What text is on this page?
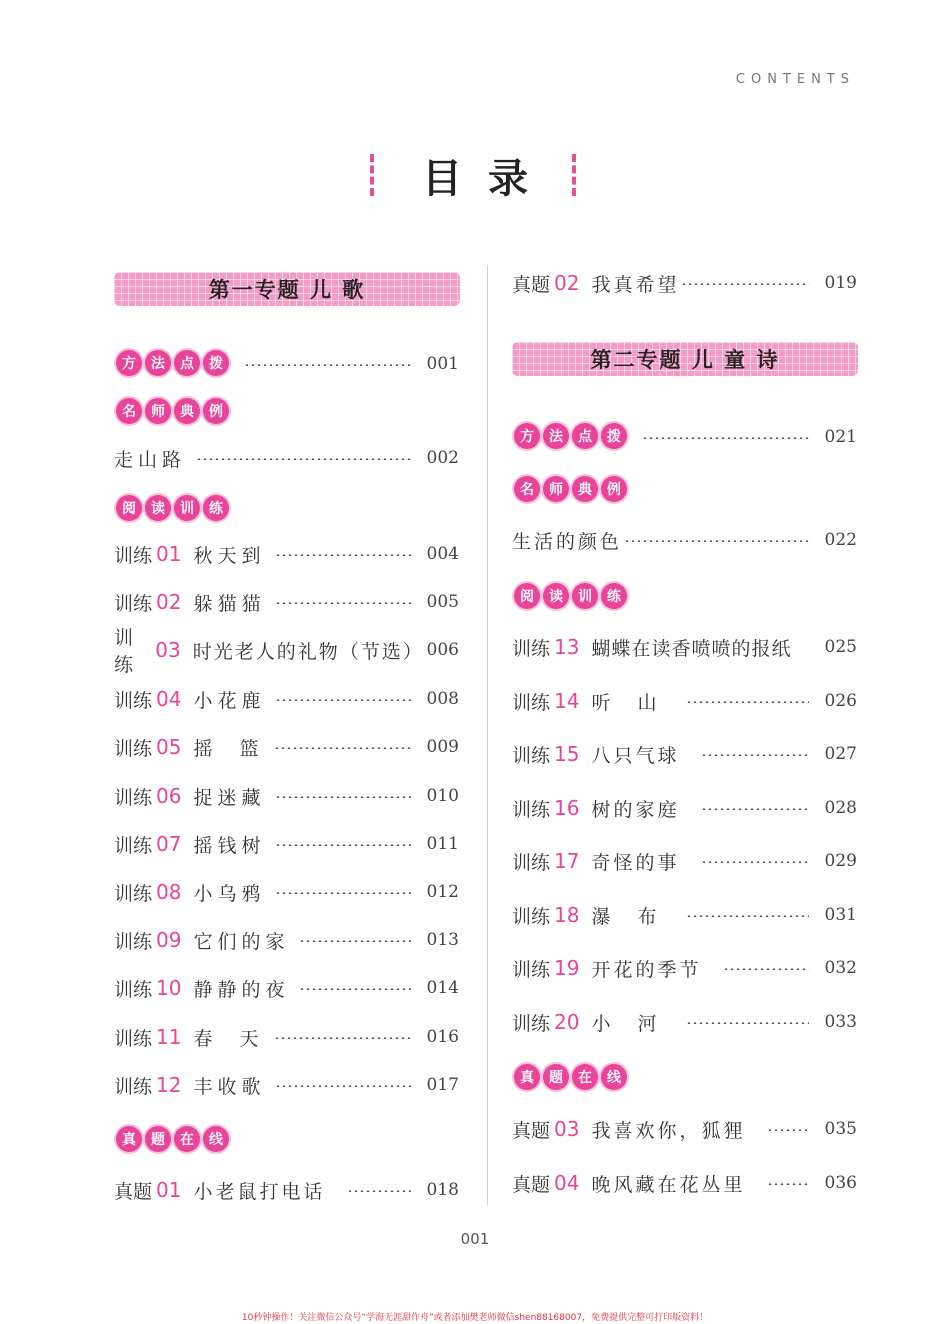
CONTENTS
目录
第一专题 儿 歌
方	法	点	拨	001
名	师	典	例
走山路	002
阅	读	训	练
训练 01 秋天到	004
训练 02 躲猫猫	005
训练
03 时光老人的礼物（节选） 006
训练 04 小花鹿	008
训练 05 摇  篮	009
训练 06 捉迷藏	010
训练 07 摇钱树	011
训练 08 小乌鸦	012
训练 09 它们的家	013
训练 10 静静的夜	014
训练 11 春  天	016
训练 12 丰收歌	017
真	题	在	线
真题 01 小老鼠打电话	018
真题 02 我真希望	019
第二专题 儿 童 诗
方	法	点	拨	021
名	师	典	例
生活的颜色	022
阅	读	训	练
训练 13 蝴蝶在读香喷喷的报纸 025
训练 14 听  山	026
训练 15 八只气球	027
训练 16 树的家庭	028
训练 17 奇怪的事	029
训练 18 瀑  布	031
训练 19 开花的季节	032
训练 20 小  河	033
真	题	在	线
真题 03 我喜欢你，狐狸	035
真题 04 晚风藏在花丛里	036
001
10秒钟操作！关注微信公众号“学海无涯甜作舟”或者添加樊老师微信shen88168007，免费提供完整可打印版资料！
